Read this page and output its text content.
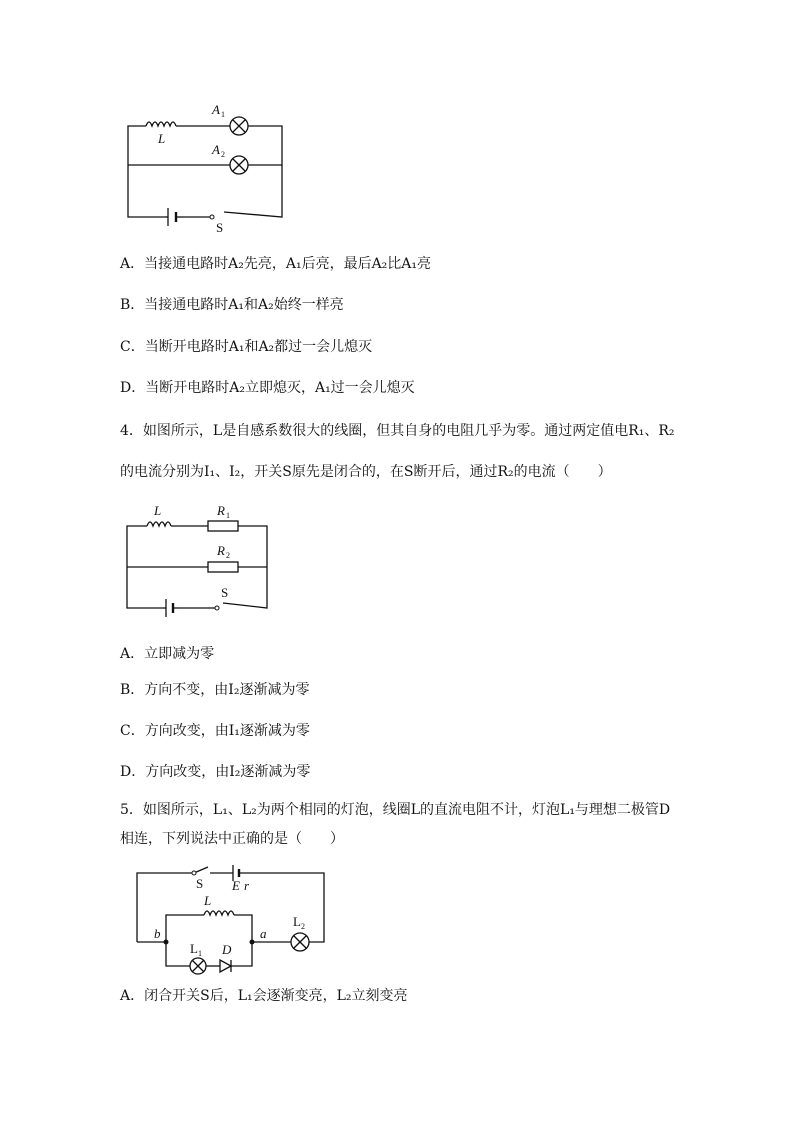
L
A 1
A 2
S
A．当接通电路时A₂先亮，A₁后亮，最后A₂比A₁亮
B．当接通电路时A₁和A₂始终一样亮
C．当断开电路时A₁和A₂都过一会儿熄灭
D．当断开电路时A₂立即熄灭，A₁过一会儿熄灭
4．如图所示，L是自感系数很大的线圈，但其自身的电阻几乎为零。通过两定值电R₁、R₂
的电流分别为I₁、I₂，开关S原先是闭合的，在S断开后，通过R₂的电流（　　）
L	R 1
R 2
S
A．立即减为零
B．方向不变，由I₂逐渐减为零
C．方向改变，由I₁逐渐减为零
D．方向改变，由I₂逐渐减为零
5．如图所示，L₁、L₂为两个相同的灯泡，线圈L的直流电阻不计，灯泡L₁与理想二极管D
相连，下列说法中正确的是（　　）
S E r
L
L 2
L 1 D
a
b
A．闭合开关S后，L₁会逐渐变亮，L₂立刻变亮
